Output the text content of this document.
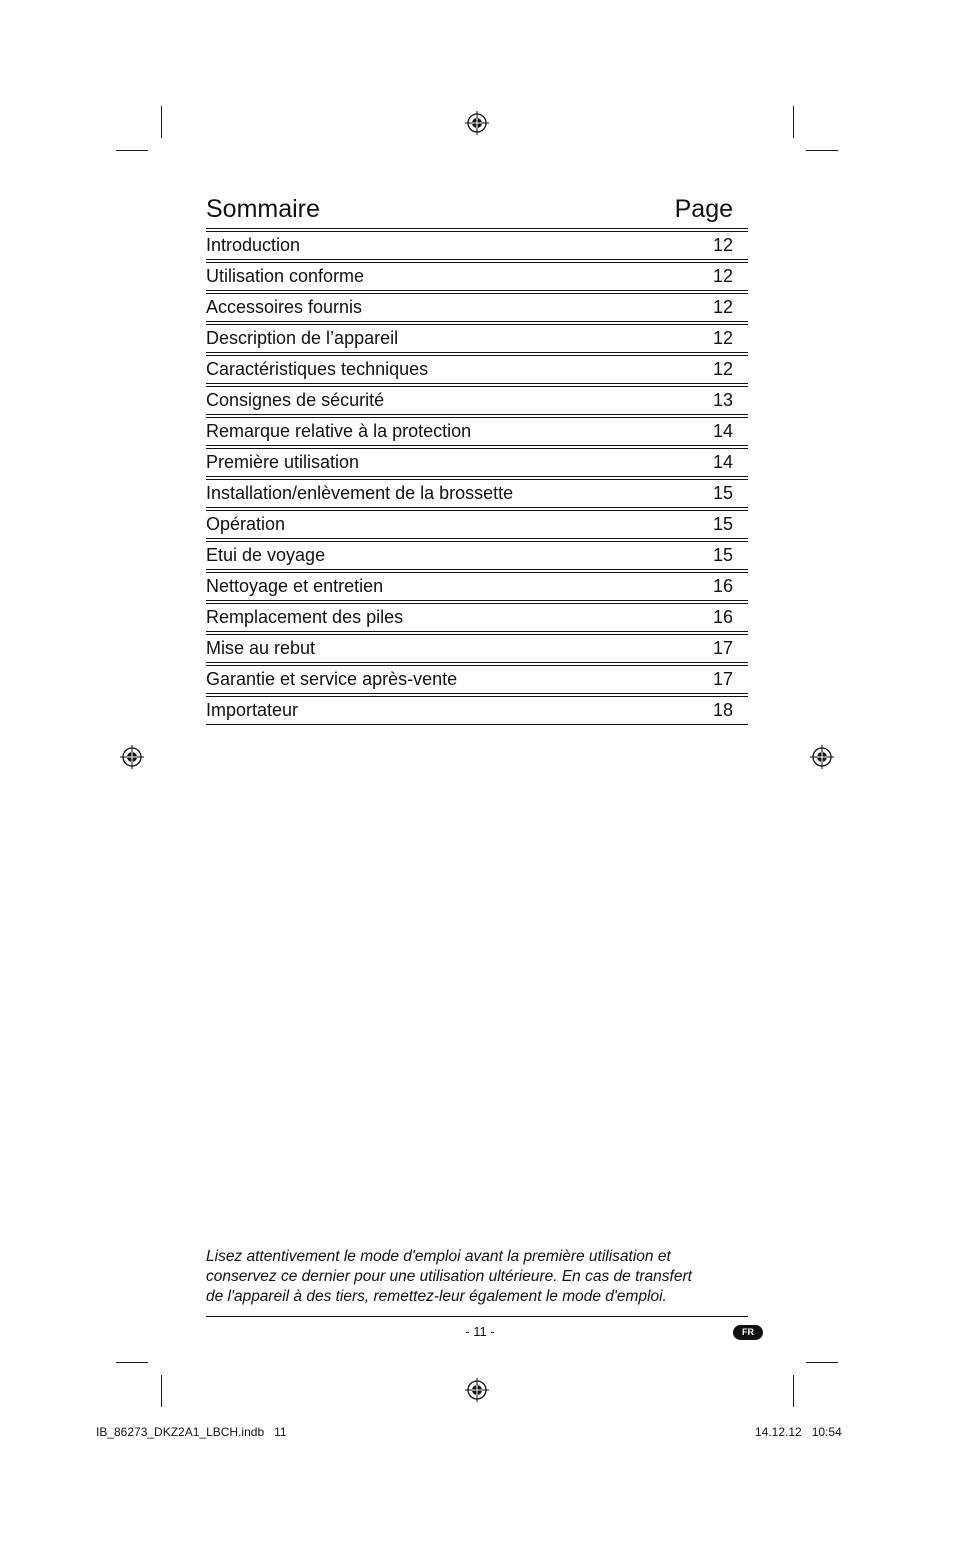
Sommaire	Page
Introduction	12
Utilisation conforme	12
Accessoires fournis	12
Description de l’appareil	12
Caractéristiques techniques	12
Consignes de sécurité	13
Remarque relative à la protection	14
Première utilisation	14
Installation/enlèvement de la brossette	15
Opération	15
Etui de voyage	15
Nettoyage et entretien	16
Remplacement des piles	16
Mise au rebut	17
Garantie et service après-vente	17
Importateur	18

Lisez attentivement le mode d'emploi avant la première utilisation et

conservez ce dernier pour une utilisation ultérieure. En cas de transfert

de l'appareil à des tiers, remettez-leur également le mode d'emploi.

- 11 -	FR
IB_86273_DKZ2A1_LBCH.indb   11	14.12.12   10:54
